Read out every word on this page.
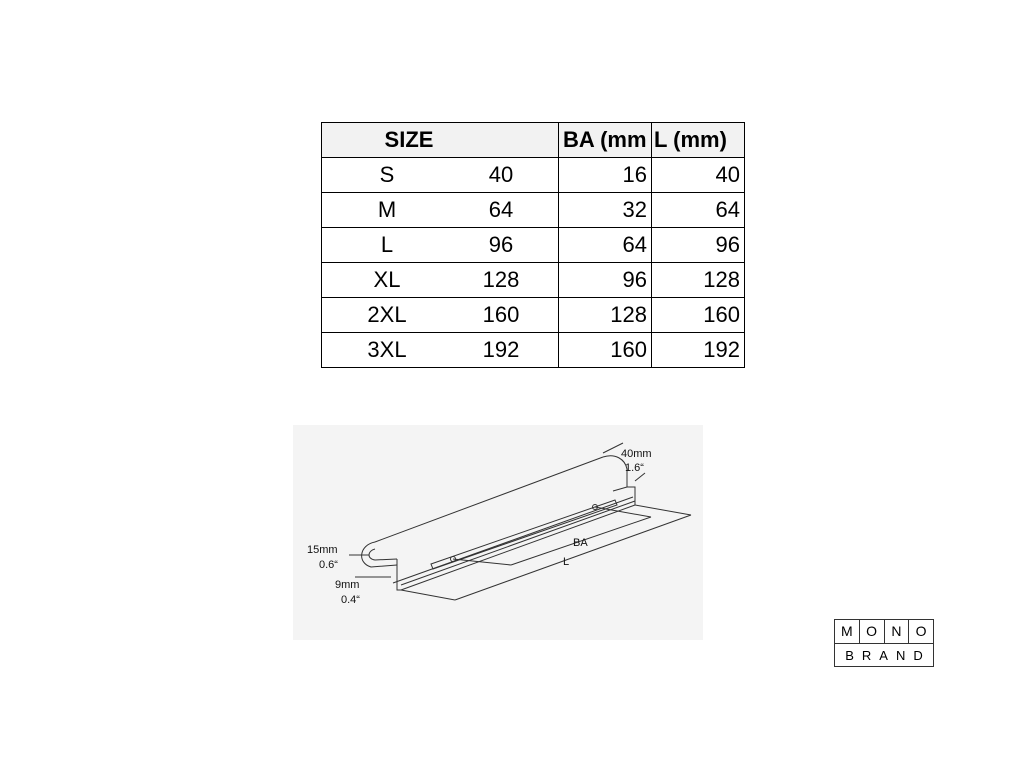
SIZE		BA (mm	L (mm)
S	40	16	40
M	64	32	64
L	96	64	96
XL	128	96	128
2XL	160	128	160
3XL	192	160	192
40mm
1.6“
15mm
0.6“
9mm
0.4“
BA
L
M O	N	O
BRAND
